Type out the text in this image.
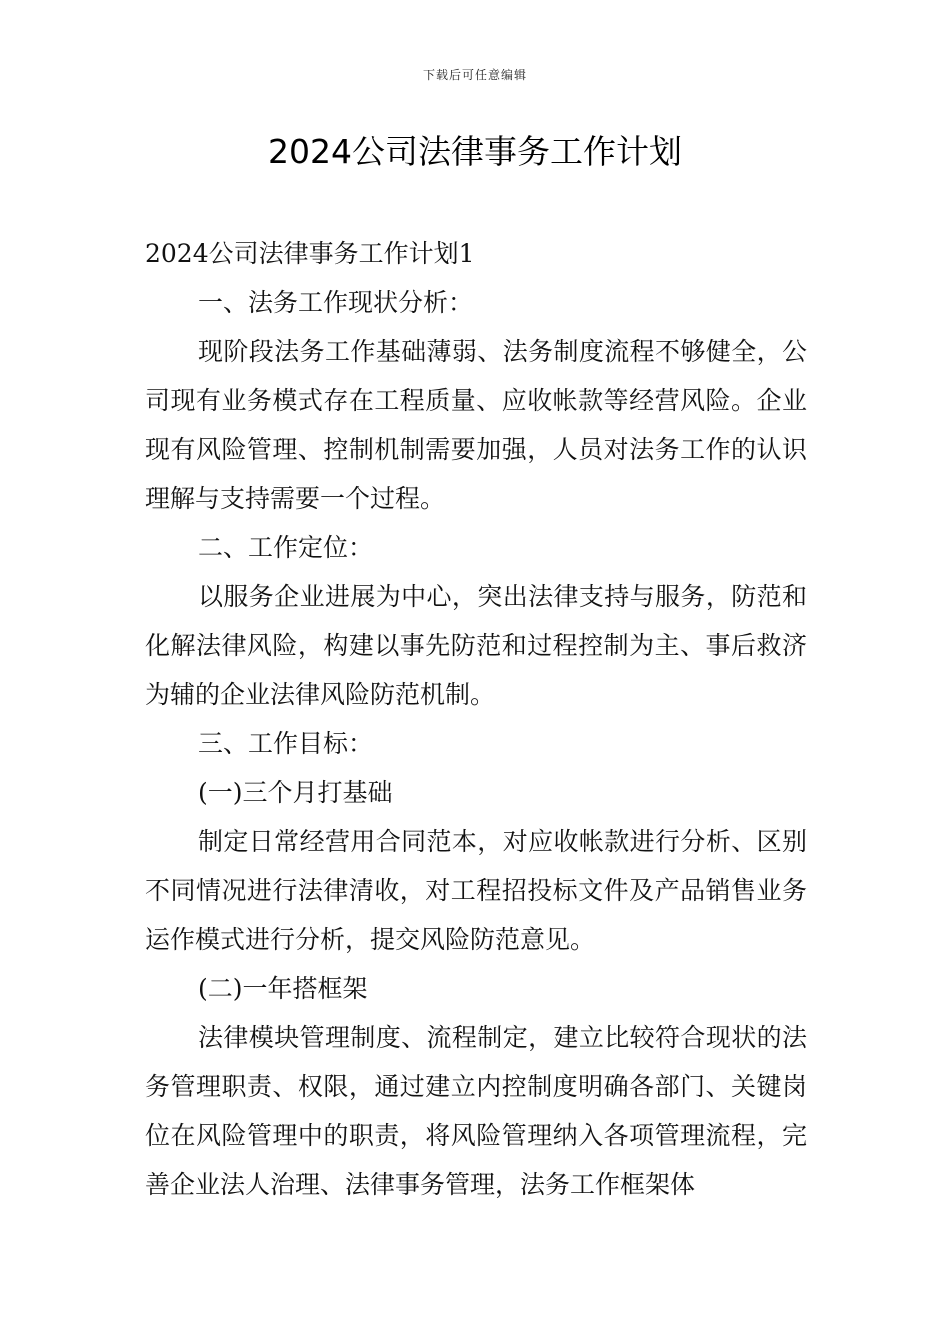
下载后可任意编辑
2024公司法律事务工作计划

2024公司法律事务工作计划1

一、法务工作现状分析：

现阶段法务工作基础薄弱、法务制度流程不够健全，公司现有业务模式存在工程质量、应收帐款等经营风险。企业现有风险管理、控制机制需要加强，人员对法务工作的认识理解与支持需要一个过程。

二、工作定位：

以服务企业进展为中心，突出法律支持与服务，防范和化解法律风险，构建以事先防范和过程控制为主、事后救济为辅的企业法律风险防范机制。

三、工作目标：

(一)三个月打基础

制定日常经营用合同范本，对应收帐款进行分析、区别不同情况进行法律清收，对工程招投标文件及产品销售业务运作模式进行分析，提交风险防范意见。

(二)一年搭框架

法律模块管理制度、流程制定，建立比较符合现状的法务管理职责、权限，通过建立内控制度明确各部门、关键岗位在风险管理中的职责，将风险管理纳入各项管理流程，完善企业法人治理、法律事务管理，法务工作框架体
